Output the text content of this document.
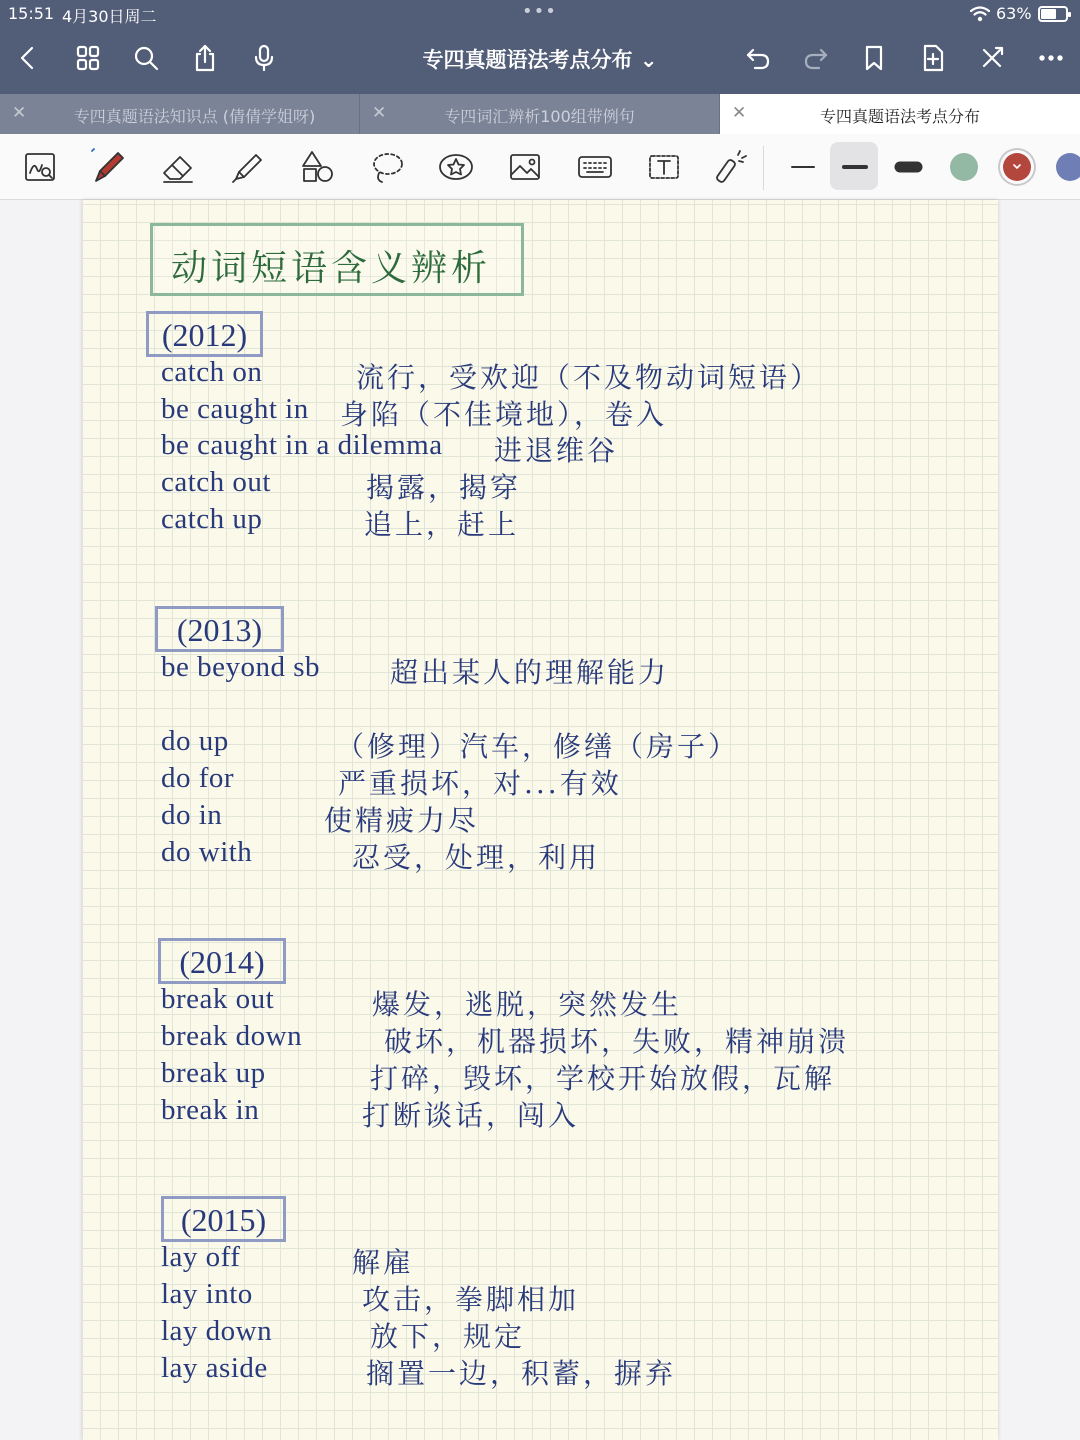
15:51 4月30日周二	•••	63%
专四真题语法考点分布 ⌄
✕	专四真题语法知识点 (倩倩学姐呀)	✕	专四词汇辨析100组带例句	✕	专四真题语法考点分布
动词短语含义辨析
(2012)
catch on	流行，受欢迎（不及物动词短语）
be caught in 身陷（不佳境地），卷入
be caught in a dilemma 进退维谷
catch out	揭露，揭穿
catch up	追上，赶上
(2013)
be beyond sb 超出某人的理解能力
do up	（修理）汽车，修缮（房子）
do for	严重损坏，对...有效
do in	使精疲力尽
do with	忍受，处理，利用
(2014)
break out	爆发，逃脱，突然发生
break down	破坏，机器损坏，失败，精神崩溃
break up	打碎，毁坏，学校开始放假，瓦解
break in	打断谈话，闯入
(2015)
lay off	解雇
lay into	攻击，拳脚相加
lay down	放下，规定
lay aside	搁置一边，积蓄，摒弃
